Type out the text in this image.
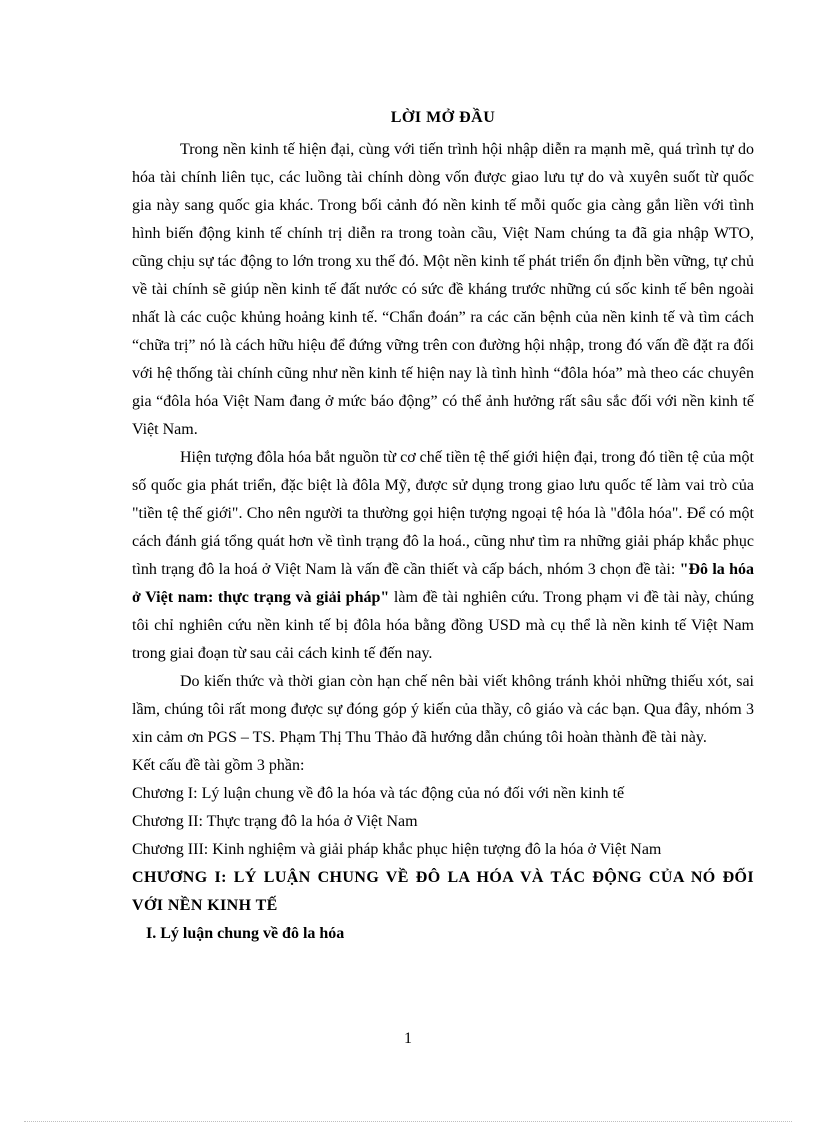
LỜI MỞ ĐẦU

Trong nền kinh tế hiện đại, cùng với tiến trình hội nhập diễn ra mạnh mẽ, quá trình tự do hóa tài chính liên tục, các luồng tài chính dòng vốn được giao lưu tự do và xuyên suốt từ quốc gia này sang quốc gia khác. Trong bối cảnh đó nền kinh tế mỗi quốc gia càng gắn liền với tình hình biến động kinh tế chính trị diễn ra trong toàn cầu, Việt Nam chúng ta đã gia nhập WTO, cũng chịu sự tác động to lớn trong xu thế đó. Một nền kinh tế phát triển ổn định bền vững, tự chủ về tài chính sẽ giúp nền kinh tế đất nước có sức đề kháng trước những cú sốc kinh tế bên ngoài nhất là các cuộc khủng hoảng kinh tế. “Chẩn đoán” ra các căn bệnh của nền kinh tế và tìm cách “chữa trị” nó là cách hữu hiệu để đứng vững trên con đường hội nhập, trong đó vấn đề đặt ra đối với hệ thống tài chính cũng như nền kinh tế hiện nay là tình hình “đôla hóa” mà theo các chuyên gia “đôla hóa Việt Nam đang ở mức báo động” có thể ảnh hưởng rất sâu sắc đối với nền kinh tế Việt Nam.

Hiện tượng đôla hóa bắt nguồn từ cơ chế tiền tệ thế giới hiện đại, trong đó tiền tệ của một số quốc gia phát triển, đặc biệt là đôla Mỹ, được sử dụng trong giao lưu quốc tế làm vai trò của "tiền tệ thế giới". Cho nên người ta thường gọi hiện tượng ngoại tệ hóa là "đôla hóa". Để có một cách đánh giá tổng quát hơn về tình trạng đô la hoá., cũng như tìm ra những giải pháp khắc phục tình trạng đô la hoá ở Việt Nam là vấn đề cần thiết và cấp bách, nhóm 3 chọn đề tài: "Đô la hóa ở Việt nam: thực trạng và giải pháp" làm đề tài nghiên cứu. Trong phạm vi đề tài này, chúng tôi chỉ nghiên cứu nền kinh tế bị đôla hóa bằng đồng USD mà cụ thể là nền kinh tế Việt Nam trong giai đoạn từ sau cải cách kinh tế đến nay.

Do kiến thức và thời gian còn hạn chế nên bài viết không tránh khỏi những thiếu xót, sai lầm, chúng tôi rất mong được sự đóng góp ý kiến của thầy, cô giáo và các bạn. Qua đây, nhóm 3 xin cảm ơn PGS – TS. Phạm Thị Thu Thảo đã hướng dẫn chúng tôi hoàn thành đề tài này.

Kết cấu đề tài gồm 3 phần:

Chương I: Lý luận chung về đô la hóa và tác động của nó đối với nền kinh tế

Chương II: Thực trạng đô la hóa ở Việt Nam

Chương III: Kinh nghiệm và giải pháp khắc phục hiện tượng đô la hóa ở Việt Nam

CHƯƠNG I: LÝ LUẬN CHUNG VỀ ĐÔ LA HÓA VÀ TÁC ĐỘNG CỦA NÓ ĐỐI VỚI NỀN KINH TẾ

I. Lý luận chung về đô la hóa

1
